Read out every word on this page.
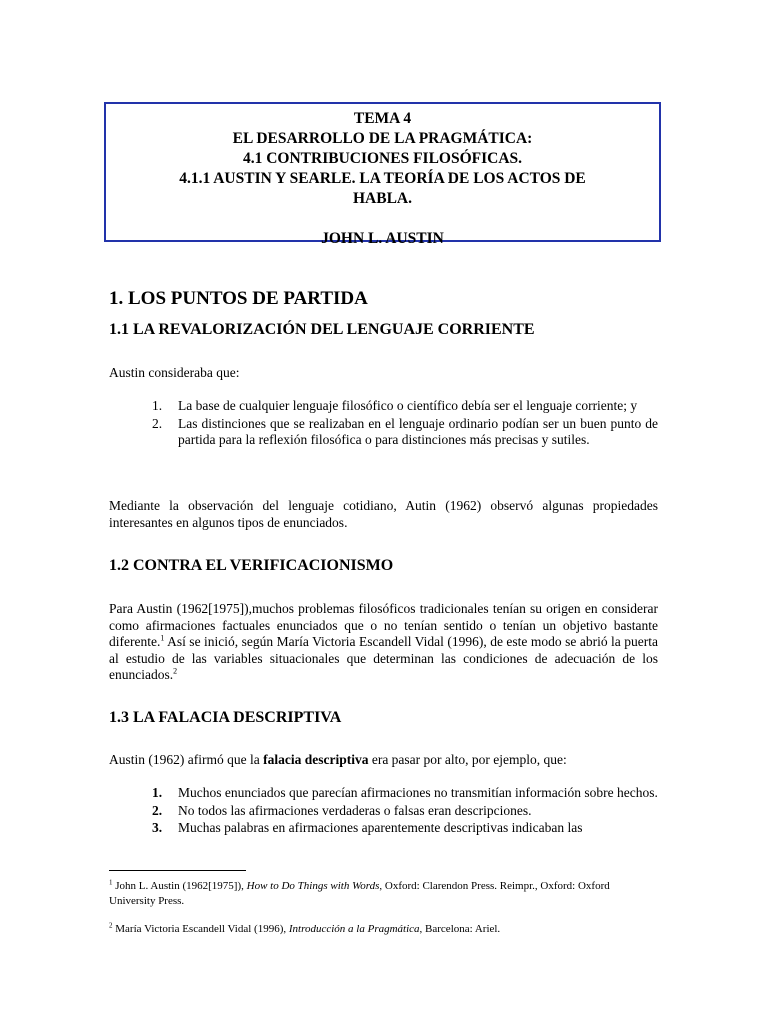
TEMA 4
EL DESARROLLO DE LA PRAGMÁTICA:
4.1 CONTRIBUCIONES FILOSÓFICAS.
4.1.1 AUSTIN Y SEARLE. LA TEORÍA DE LOS ACTOS DE
HABLA.
JOHN L. AUSTIN
1. LOS PUNTOS DE PARTIDA
1.1 LA REVALORIZACIÓN DEL LENGUAJE CORRIENTE
Austin consideraba que:
1. La base de cualquier lenguaje filosófico o científico debía ser el lenguaje corriente; y
2. Las distinciones que se realizaban en el lenguaje ordinario podían ser un buen punto de partida para la reflexión filosófica o para distinciones más precisas y sutiles.
Mediante la observación del lenguaje cotidiano, Autin (1962) observó algunas propiedades interesantes en algunos tipos de enunciados.
1.2 CONTRA EL VERIFICACIONISMO
Para Austin (1962[1975]),muchos problemas filosóficos tradicionales tenían su origen en considerar como afirmaciones factuales enunciados que o no tenían sentido o tenían un objetivo bastante diferente.$^1$ Así se inició, según María Victoria Escandell Vidal (1996), de este modo se abrió la puerta al estudio de las variables situacionales que determinan las condiciones de adecuación de los enunciados.$^2$
1.3 LA FALACIA DESCRIPTIVA
Austin (1962) afirmó que la falacia descriptiva era pasar por alto, por ejemplo, que:
1. Muchos enunciados que parecían afirmaciones no transmitían información sobre hechos.
2. No todos las afirmaciones verdaderas o falsas eran descripciones.
3. Muchas palabras en afirmaciones aparentemente descriptivas indicaban las
$^1$ John L. Austin (1962[1975]), How to Do Things with Words, Oxford: Clarendon Press. Reimpr., Oxford: Oxford University Press.
$^2$ María Victoria Escandell Vidal (1996), Introducción a la Pragmática, Barcelona: Ariel.
